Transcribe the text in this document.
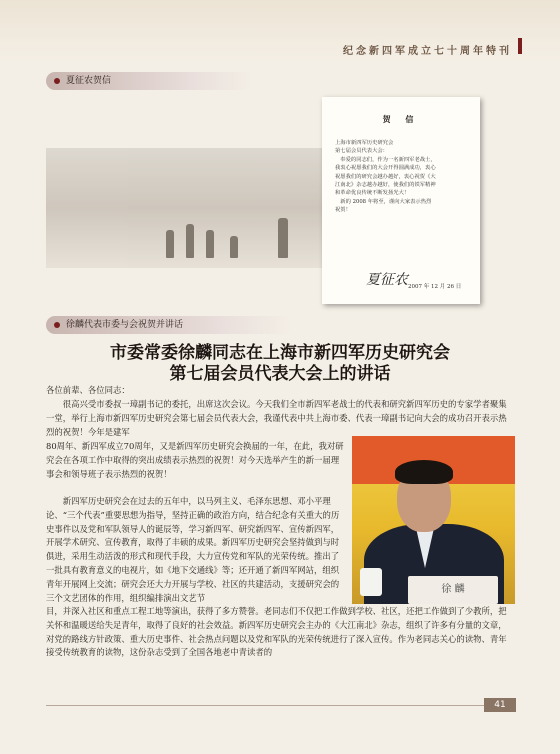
纪念新四军成立七十周年特刊
夏征农贺信
贺 信
上海市新四军历史研究会
第七届会员代表大会：
　奉爱的同志们，作为一名新四军老战士，
我衷心祝愿我们的大会开得圆满成功，衷心
祝愿我们的研究会越办越好，衷心祝贺《大
江南北》杂志越办越好，使我们的铁军精神
和革命优良传统不断发扬光大！
　新的 2008 年将至，谨向大家表示热烈
祝贺！
夏征农 2007 年 12 月 26 日
徐麟代表市委与会祝贺并讲话
市委常委徐麟同志在上海市新四军历史研究会
第七届会员代表大会上的讲话

各位前辈、各位同志：

很高兴受市委叔一璋副书记的委托，出席这次会议。今天我们全市新四军老战士的代表和研究新四军历史的专家学者聚集一堂，举行上海市新四军历史研究会第七届会员代表大会，我谨代表中共上海市委、代表一璋副书记向大会的成功召开表示热烈的祝贺！今年是建军

80周年、新四军成立70周年，又是新四军历史研究会换届的一年，在此，我对研究会在各项工作中取得的突出成绩表示热烈的祝贺！对今天选举产生的新一届理事会和领导班子表示热烈的祝贺！

新四军历史研究会在过去的五年中，以马列主义、毛泽东思想、邓小平理论、“三个代表”重要思想为指导，坚持正确的政治方向，结合纪念有关重大的历史事件以及党和军队领导人的诞辰等，学习新四军、研究新四军、宣传新四军，开展学术研究、宣传教育，取得了丰硕的成果。新四军历史研究会坚持做到与时俱进，采用生动活泼的形式和现代手段，大力宣传党和军队的光荣传统。推出了一批具有教育意义的电视片，如《地下交通线》等；还开通了新四军网站，组织青年开展网上交流；研究会还大力开展与学校、社区的共建活动，支援研究会的三个文艺团体的作用，组织编排演出文艺节

目，并深入社区和重点工程工地等演出，获得了多方赞誉。老同志们不仅把工作做到学校、社区，还把工作做到了少教所，把关怀和温暖送给失足青年，取得了良好的社会效益。新四军历史研究会主办的《大江南北》杂志，组织了许多有分量的文章，对党的路线方针政策、重大历史事件、社会热点问题以及党和军队的光荣传统进行了深入宣传。作为老同志关心的读物、青年接受传统教育的读物，这份杂志受到了全国各地老中青读者的

徐 麟
41
